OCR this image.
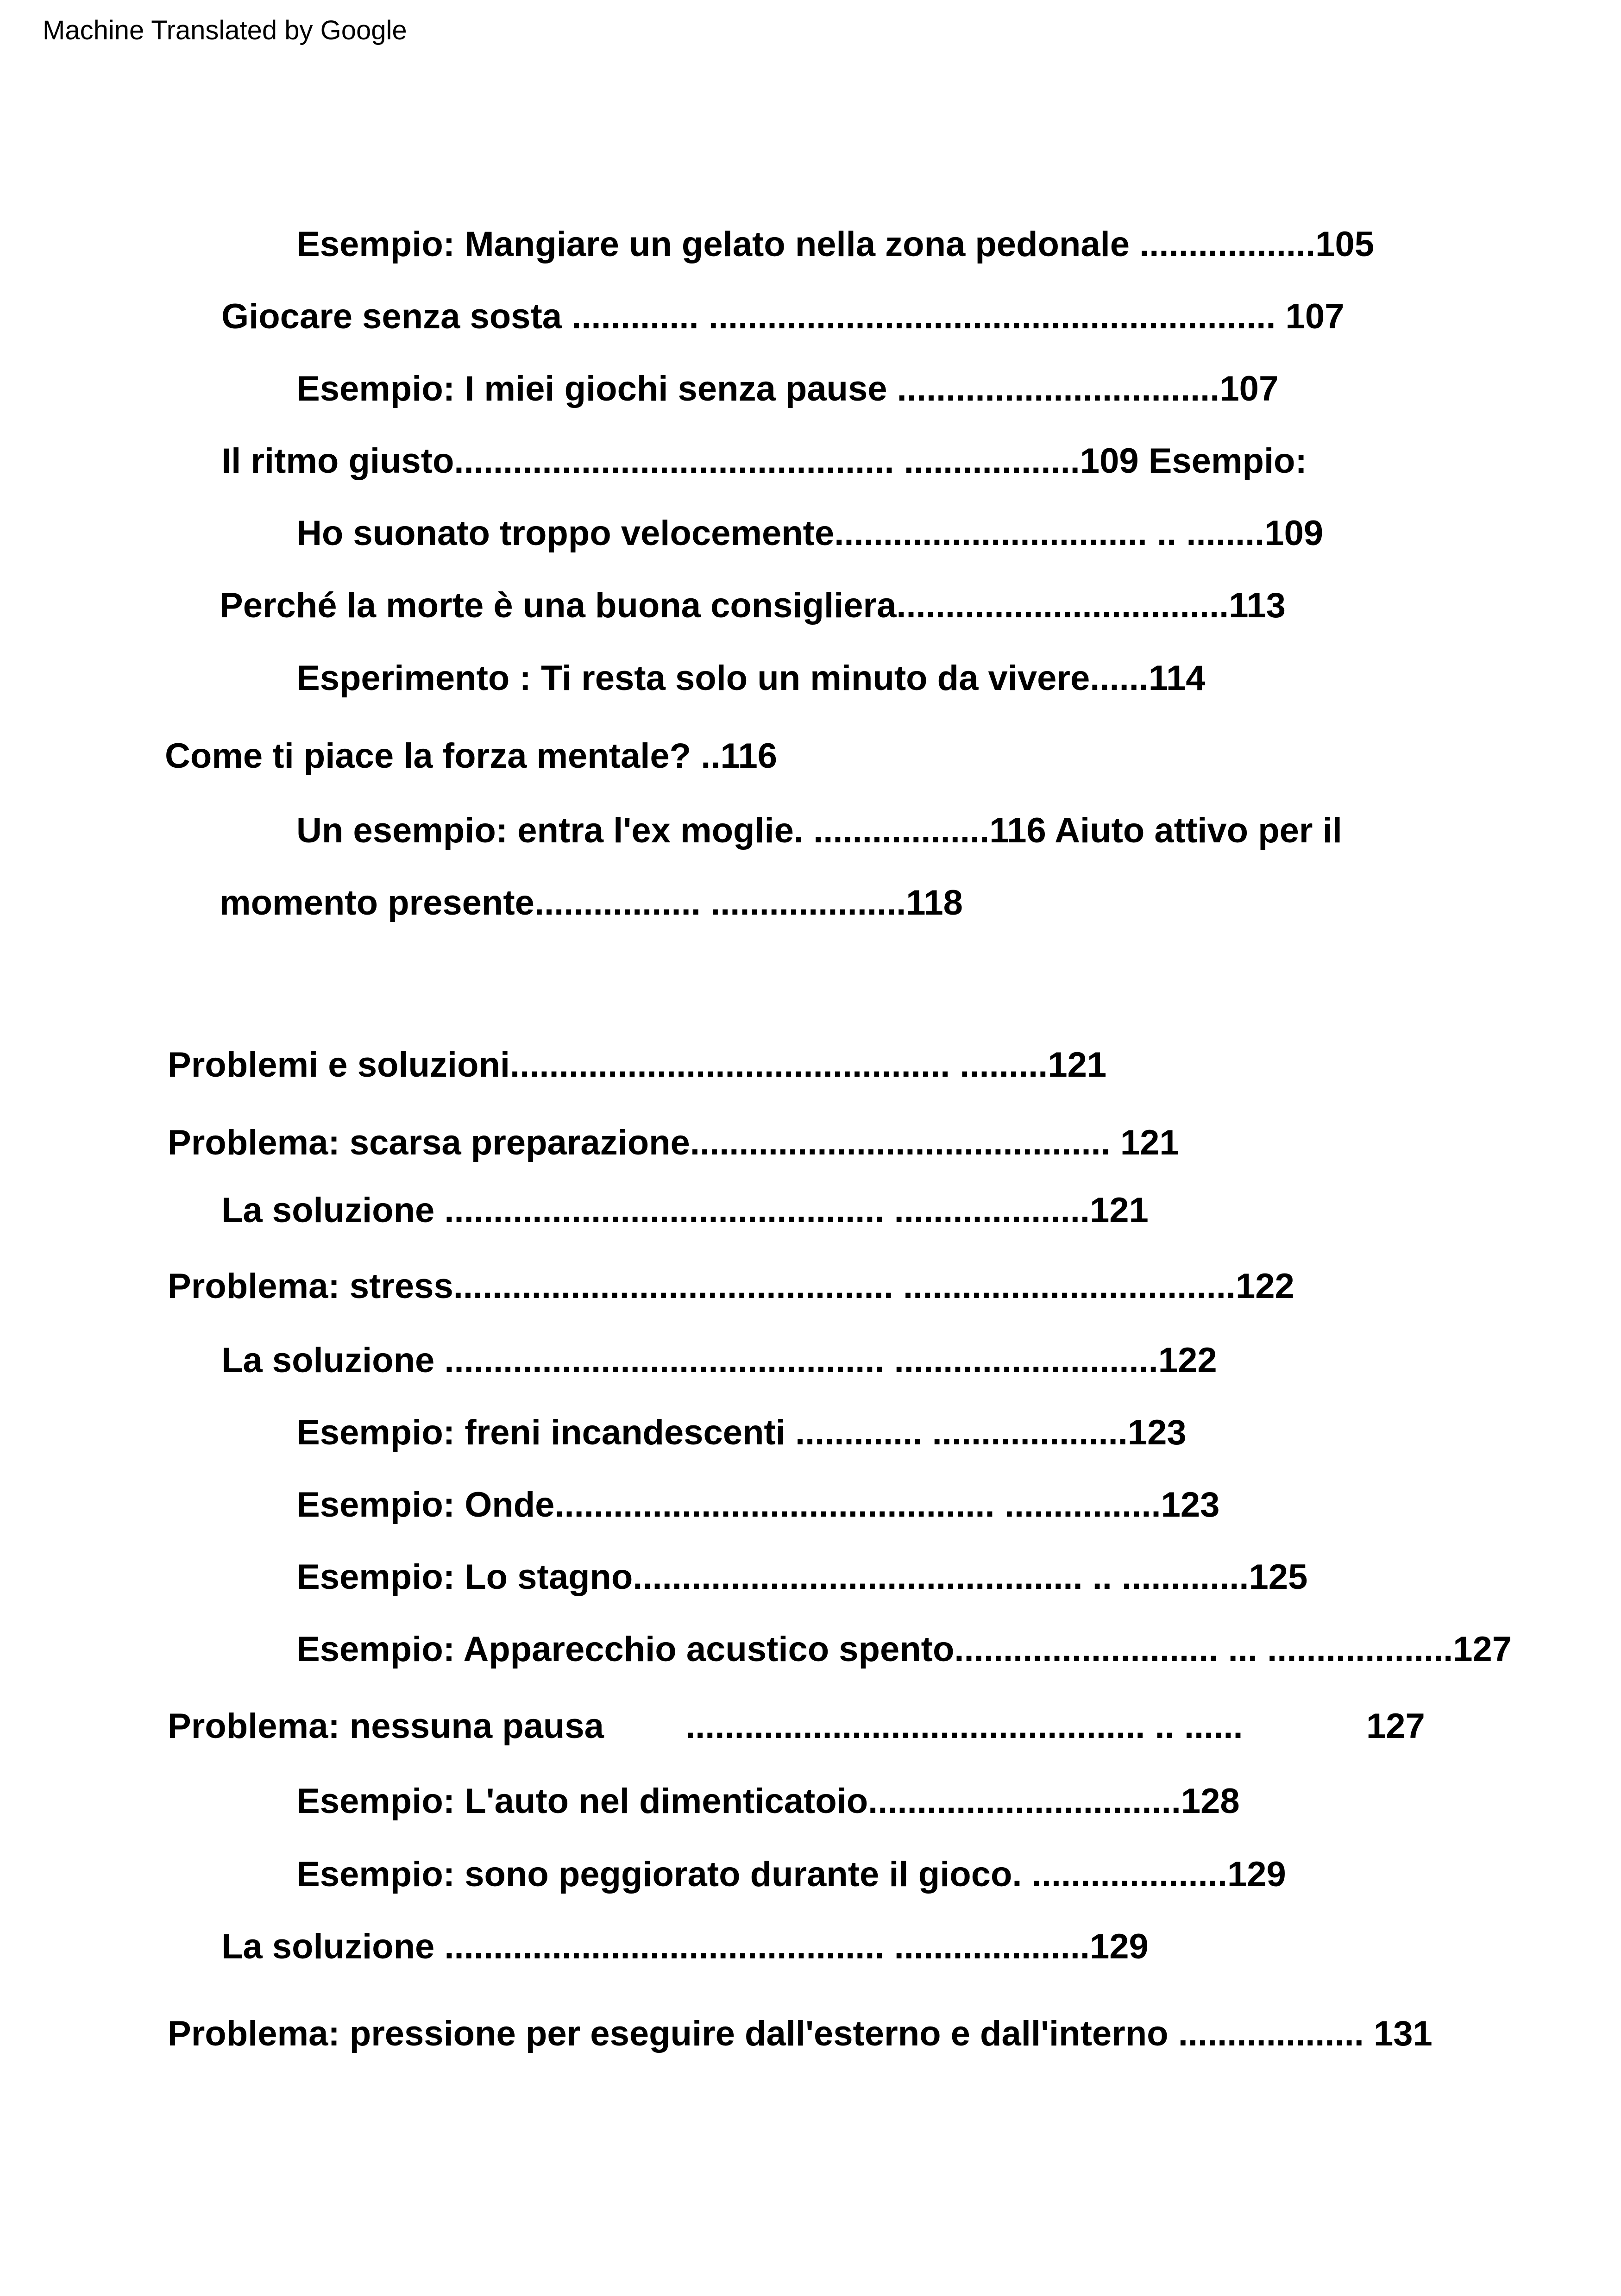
Machine Translated by Google
Esempio: Mangiare un gelato nella zona pedonale ..................105
Giocare senza sosta ............. .......................................................... 107
Esempio: I miei giochi senza pause .................................107
Il ritmo giusto............................................. ..................109 Esempio:
Ho suonato troppo velocemente................................ .. ........109
Perché la morte è una buona consigliera..................................113
Esperimento : Ti resta solo un minuto da vivere......114
Come ti piace la forza mentale? ..116
Un esempio: entra l'ex moglie. ..................116 Aiuto attivo per il
momento presente................. ....................118
Problemi e soluzioni............................................. .........121
Problema: scarsa preparazione........................................... 121
La soluzione ............................................. ....................121
Problema: stress............................................. ..................................122
La soluzione ............................................. ...........................122
Esempio: freni incandescenti ............. ....................123
Esempio: Onde............................................. ................123
Esempio: Lo stagno.............................................. .. .............125
Esempio: Apparecchio acustico spento........................... ... ...................127
Problema: nessuna pausa ............................................... .. ......	127
Esempio: L'auto nel dimenticatoio................................128
Esempio: sono peggiorato durante il gioco. ....................129
La soluzione ............................................. ....................129
Problema: pressione per eseguire dall'esterno e dall'interno ................... 131
